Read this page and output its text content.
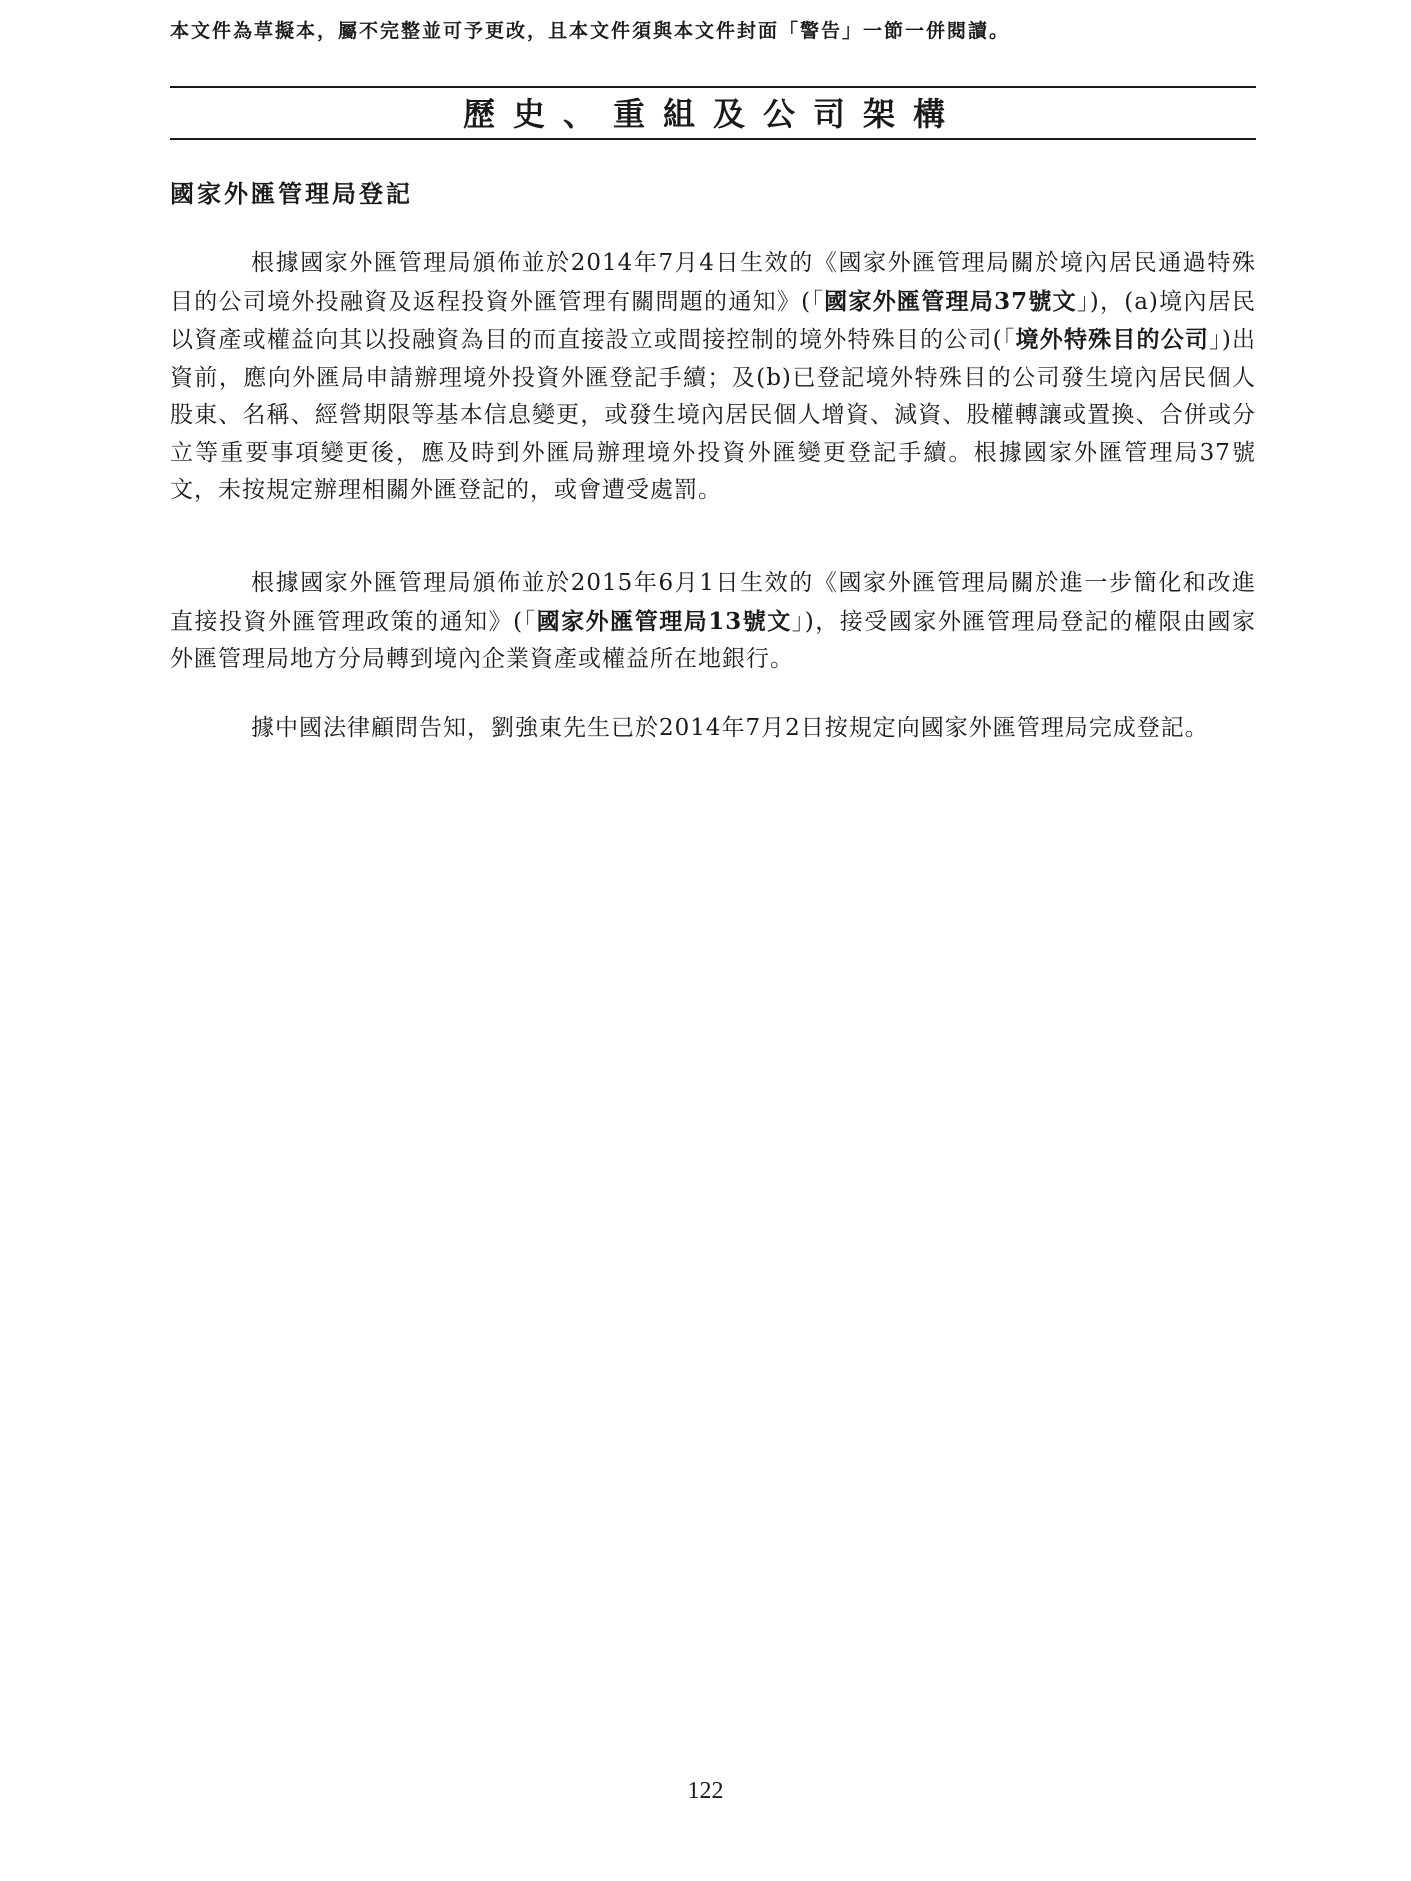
本文件為草擬本，屬不完整並可予更改，且本文件須與本文件封面「警告」一節一併閱讀。
歷史、重組及公司架構
國家外匯管理局登記

根據國家外匯管理局頒佈並於2014年7月4日生效的《國家外匯管理局關於境內居民通過特殊目的公司境外投融資及返程投資外匯管理有關問題的通知》(「國家外匯管理局37號文」)，(a)境內居民以資產或權益向其以投融資為目的而直接設立或間接控制的境外特殊目的公司(「境外特殊目的公司」)出資前，應向外匯局申請辦理境外投資外匯登記手續；及(b)已登記境外特殊目的公司發生境內居民個人股東、名稱、經營期限等基本信息變更，或發生境內居民個人增資、減資、股權轉讓或置換、合併或分立等重要事項變更後，應及時到外匯局辦理境外投資外匯變更登記手續。根據國家外匯管理局37號文，未按規定辦理相關外匯登記的，或會遭受處罰。

根據國家外匯管理局頒佈並於2015年6月1日生效的《國家外匯管理局關於進一步簡化和改進直接投資外匯管理政策的通知》(「國家外匯管理局13號文」)，接受國家外匯管理局登記的權限由國家外匯管理局地方分局轉到境內企業資產或權益所在地銀行。

據中國法律顧問告知，劉強東先生已於2014年7月2日按規定向國家外匯管理局完成登記。

122
